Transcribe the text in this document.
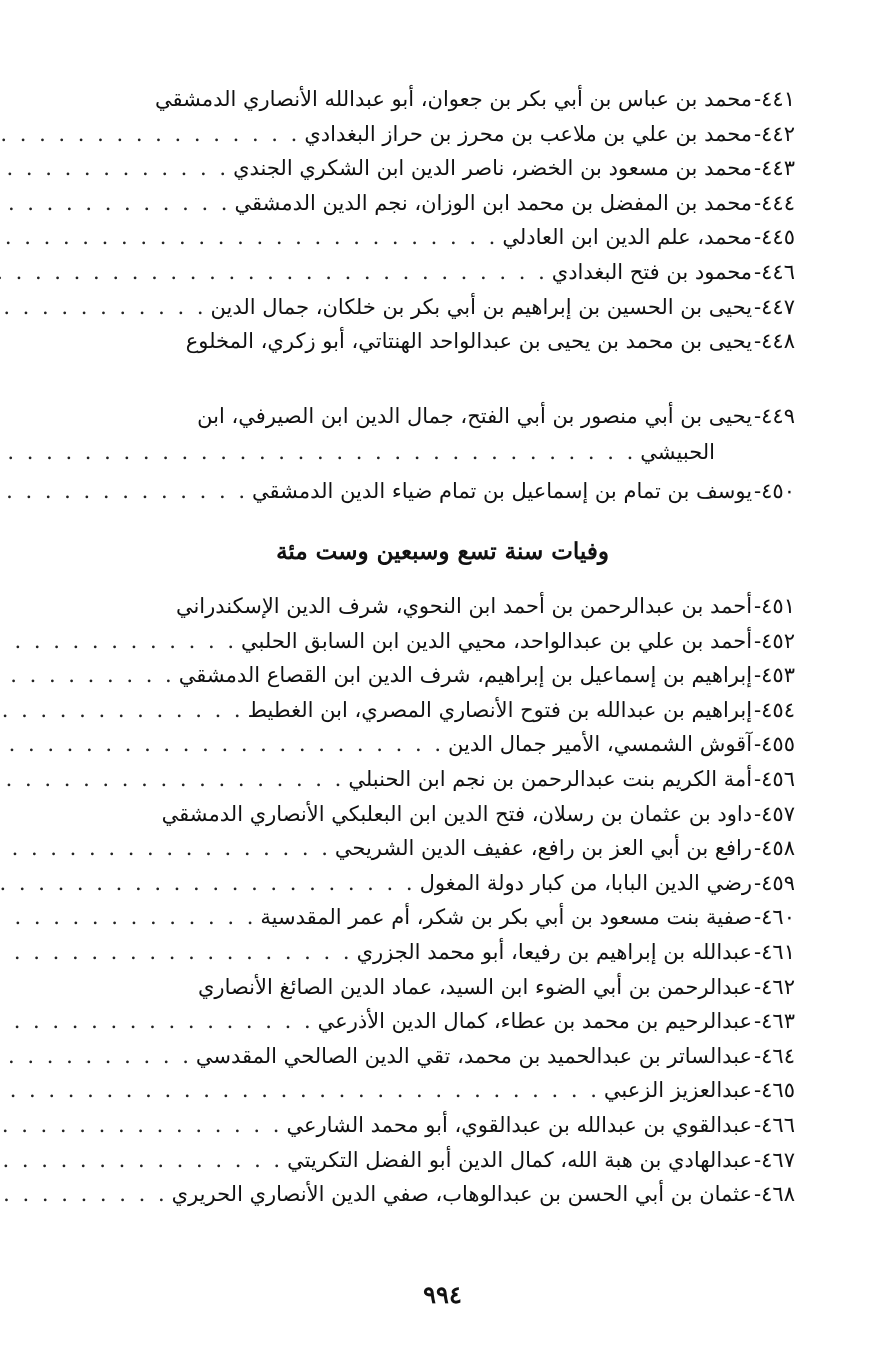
٤٤١-
محمد بن عباس بن أبي بكر بن جعوان، أبو عبدالله الأنصاري الدمشقي
٤٤٢-
محمد بن علي بن ملاعب بن محرز بن حراز البغدادي
. . .
٤٤٣-
محمد بن مسعود بن الخضر، ناصر الدين ابن الشكري الجندي
. . .
٤٤٤-
محمد بن المفضل بن محمد ابن الوزان، نجم الدين الدمشقي
. . .
٤٤٥-
محمد، علم الدين ابن العادلي
. . .
٤٤٦-
محمود بن فتح البغدادي
. . .
٤٤٧-
يحيى بن الحسين بن إبراهيم بن أبي بكر بن خلكان، جمال الدين
. . .
٤٤٨-
يحيى بن محمد بن يحيى بن عبدالواحد الهنتاتي، أبو زكري، المخلوع
٤٤٩-
يحيى بن أبي منصور بن أبي الفتح، جمال الدين ابن الصيرفي، ابن
الحبيشي
. . .
٤٥٠-
يوسف بن تمام بن إسماعيل بن تمام ضياء الدين الدمشقي
. . .
وفيات سنة تسع وسبعين وست مئة
٤٥١-
أحمد بن عبدالرحمن بن أحمد ابن النحوي، شرف الدين الإسكندراني
٤٥٢-
أحمد بن علي بن عبدالواحد، محيي الدين ابن السابق الحلبي
. . .
٤٥٣-
إبراهيم بن إسماعيل بن إبراهيم، شرف الدين ابن القصاع الدمشقي
. . .
٤٥٤-
إبراهيم بن عبدالله بن فتوح الأنصاري المصري، ابن الغطيط
. . .
٤٥٥-
آقوش الشمسي، الأمير جمال الدين
. . .
٤٥٦-
أمة الكريم بنت عبدالرحمن بن نجم ابن الحنبلي
. . .
٤٥٧-
داود بن عثمان بن رسلان، فتح الدين ابن البعلبكي الأنصاري الدمشقي
٤٥٨-
رافع بن أبي العز بن رافع، عفيف الدين الشريحي
. . .
٤٥٩-
رضي الدين البابا، من كبار دولة المغول
. . .
٤٦٠-
صفية بنت مسعود بن أبي بكر بن شكر، أم عمر المقدسية
. . .
٤٦١-
عبدالله بن إبراهيم بن رفيعا، أبو محمد الجزري
. . .
٤٦٢-
عبدالرحمن بن أبي الضوء ابن السيد، عماد الدين الصائغ الأنصاري
٤٦٣-
عبدالرحيم بن محمد بن عطاء، كمال الدين الأذرعي
. . .
٤٦٤-
عبدالساتر بن عبدالحميد بن محمد، تقي الدين الصالحي المقدسي
. . .
٤٦٥-
عبدالعزيز الزعبي
. . .
٤٦٦-
عبدالقوي بن عبدالله بن عبدالقوي، أبو محمد الشارعي
. . .
٤٦٧-
عبدالهادي بن هبة الله، كمال الدين أبو الفضل التكريتي
. . .
٤٦٨-
عثمان بن أبي الحسن بن عبدالوهاب، صفي الدين الأنصاري الحريري
. . .
٩٩٤
